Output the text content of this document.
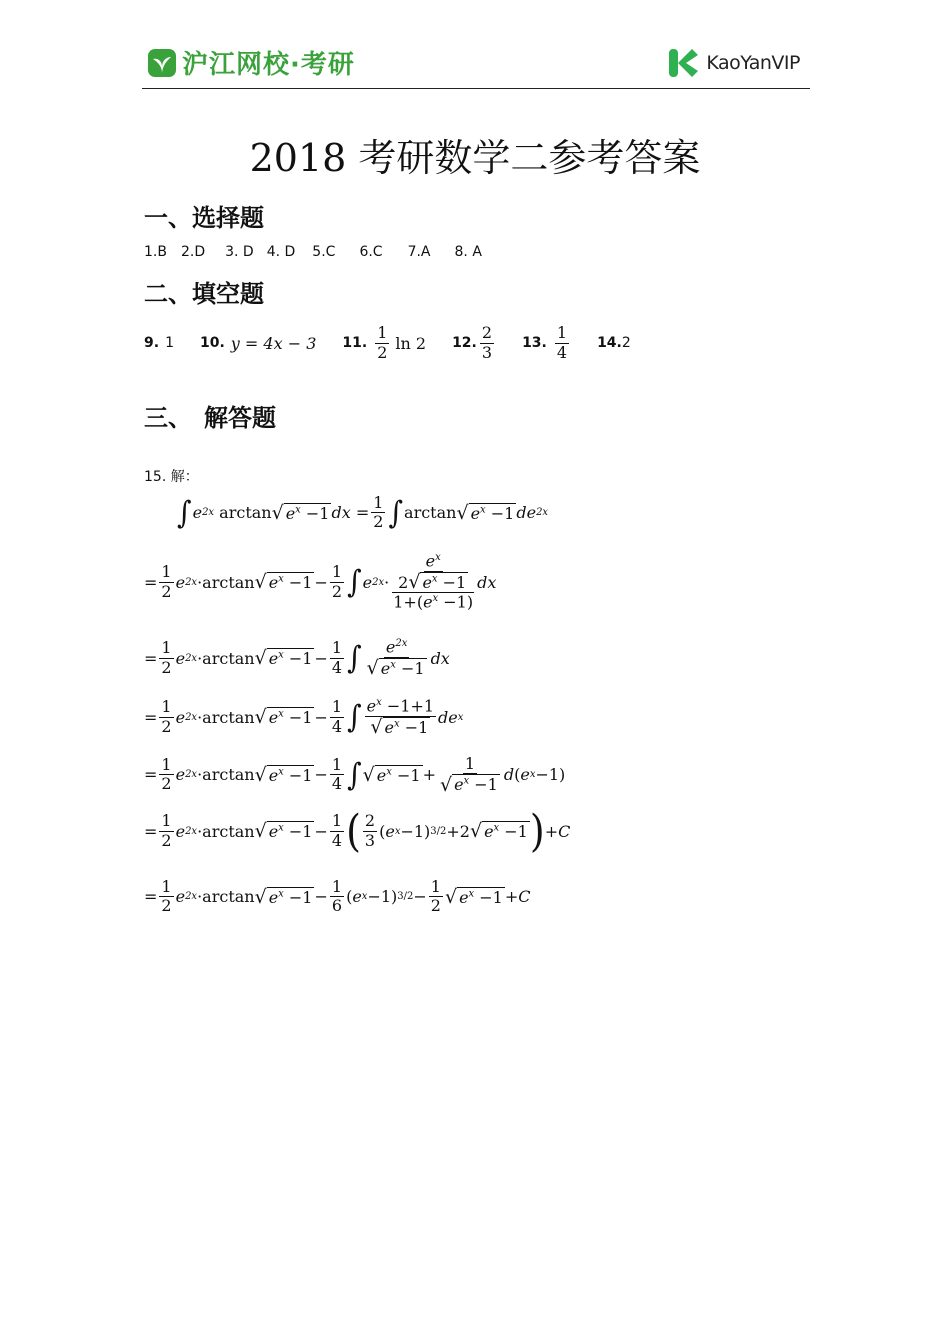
沪江网校·考研	KaoYanVIP
2018 考研数学二参考答案
一、选择题
1.B 2.D 3. D 4. D 5.C 6.C 7.A 8. A
二、填空题
9. 1 10. y = 4x − 3 11. $\frac{1}{2}$ ln 2 12. $\frac{2}{3} 13$. $\frac{1}{4} 14$. 2
三、　解答题
15. 解：
∫ e 2x arctan √ $e^x -1$ dx = $\frac{1}{2}$ ∫ arctan √ $e^x -1$ de 2x
= $\frac{1}{2}$ e 2x ·arctan √ $e^x -1 - \frac{1}{2}$ ∫ e $2x \cdot \frac{\frac{e^x}{2 √ e^x -1}}{1+(e^x -1)}$ dx
= $\frac{1}{2}$ e 2x ·arctan √ $e^x -1 - \frac{1}{4}$ ∫ $\frac{e^{2x}}{√ e^x -1}$ dx
= $\frac{1}{2}$ e 2x ·arctan √ $e^x -1 - \frac{1}{4}$ ∫ $\frac{e^x -1+1}{√ e^x -1}$ de x
= $\frac{1}{2}$ e 2x ·arctan √ $e^x -1 - \frac{1}{4}$ ∫ √ $e^x -1 + \frac{1}{√ e^x -1}$ d ( e x −1)
= $\frac{1}{2}$ e 2x ·arctan √ $e^x -1 - \frac{1}{4}$ ( $\frac{2}{3}$ ( e x −1) 3/2 +2 √ $e^x -1$ ) + C
= $\frac{1}{2}$ e 2x ·arctan √ $e^x -1 - \frac{1}{6}$ ( e x −1) $3/2 - \frac{1}{2}$ √ $e^x -1 + C$
